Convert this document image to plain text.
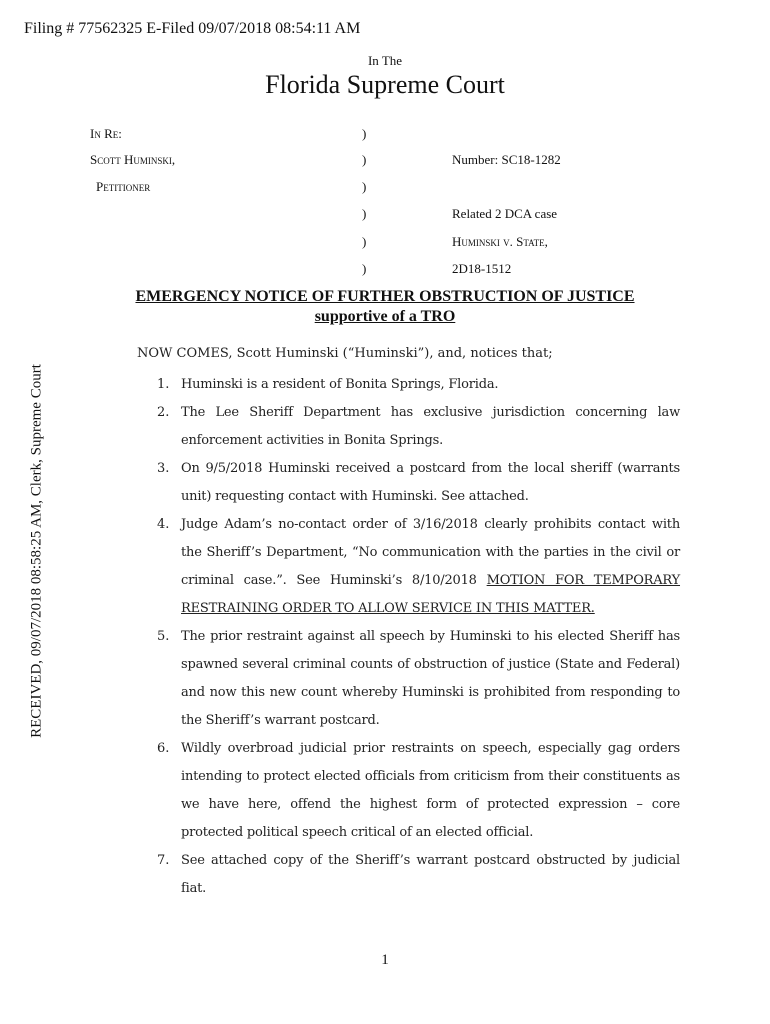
Filing # 77562325 E-Filed 09/07/2018 08:54:11 AM
RECEIVED, 09/07/2018 08:58:25 AM, Clerk, Supreme Court
In The
Florida Supreme Court
In Re:
Scott Huminski,
Petitioner
)
)
)
)
)
)
Number: SC18-1282
Related 2 DCA case
Huminski v. State,
2D18-1512
EMERGENCY NOTICE OF FURTHER OBSTRUCTION OF JUSTICE
supportive of a TRO
NOW COMES, Scott Huminski (“Huminski”), and, notices that;
1. Huminski is a resident of Bonita Springs, Florida.
2. The Lee Sheriff Department has exclusive jurisdiction concerning law enforcement activities in Bonita Springs.
3. On 9/5/2018 Huminski received a postcard from the local sheriff (warrants unit) requesting contact with Huminski. See attached.
4. Judge Adam’s no-contact order of 3/16/2018 clearly prohibits contact with the Sheriff’s Department, “No communication with the parties in the civil or criminal case.”. See Huminski’s 8/10/2018 MOTION FOR TEMPORARY RESTRAINING ORDER TO ALLOW SERVICE IN THIS MATTER.
5. The prior restraint against all speech by Huminski to his elected Sheriff has spawned several criminal counts of obstruction of justice (State and Federal) and now this new count whereby Huminski is prohibited from responding to the Sheriff’s warrant postcard.
6. Wildly overbroad judicial prior restraints on speech, especially gag orders intending to protect elected officials from criticism from their constituents as we have here, offend the highest form of protected expression – core protected political speech critical of an elected official.
7. See attached copy of the Sheriff’s warrant postcard obstructed by judicial fiat.
1
